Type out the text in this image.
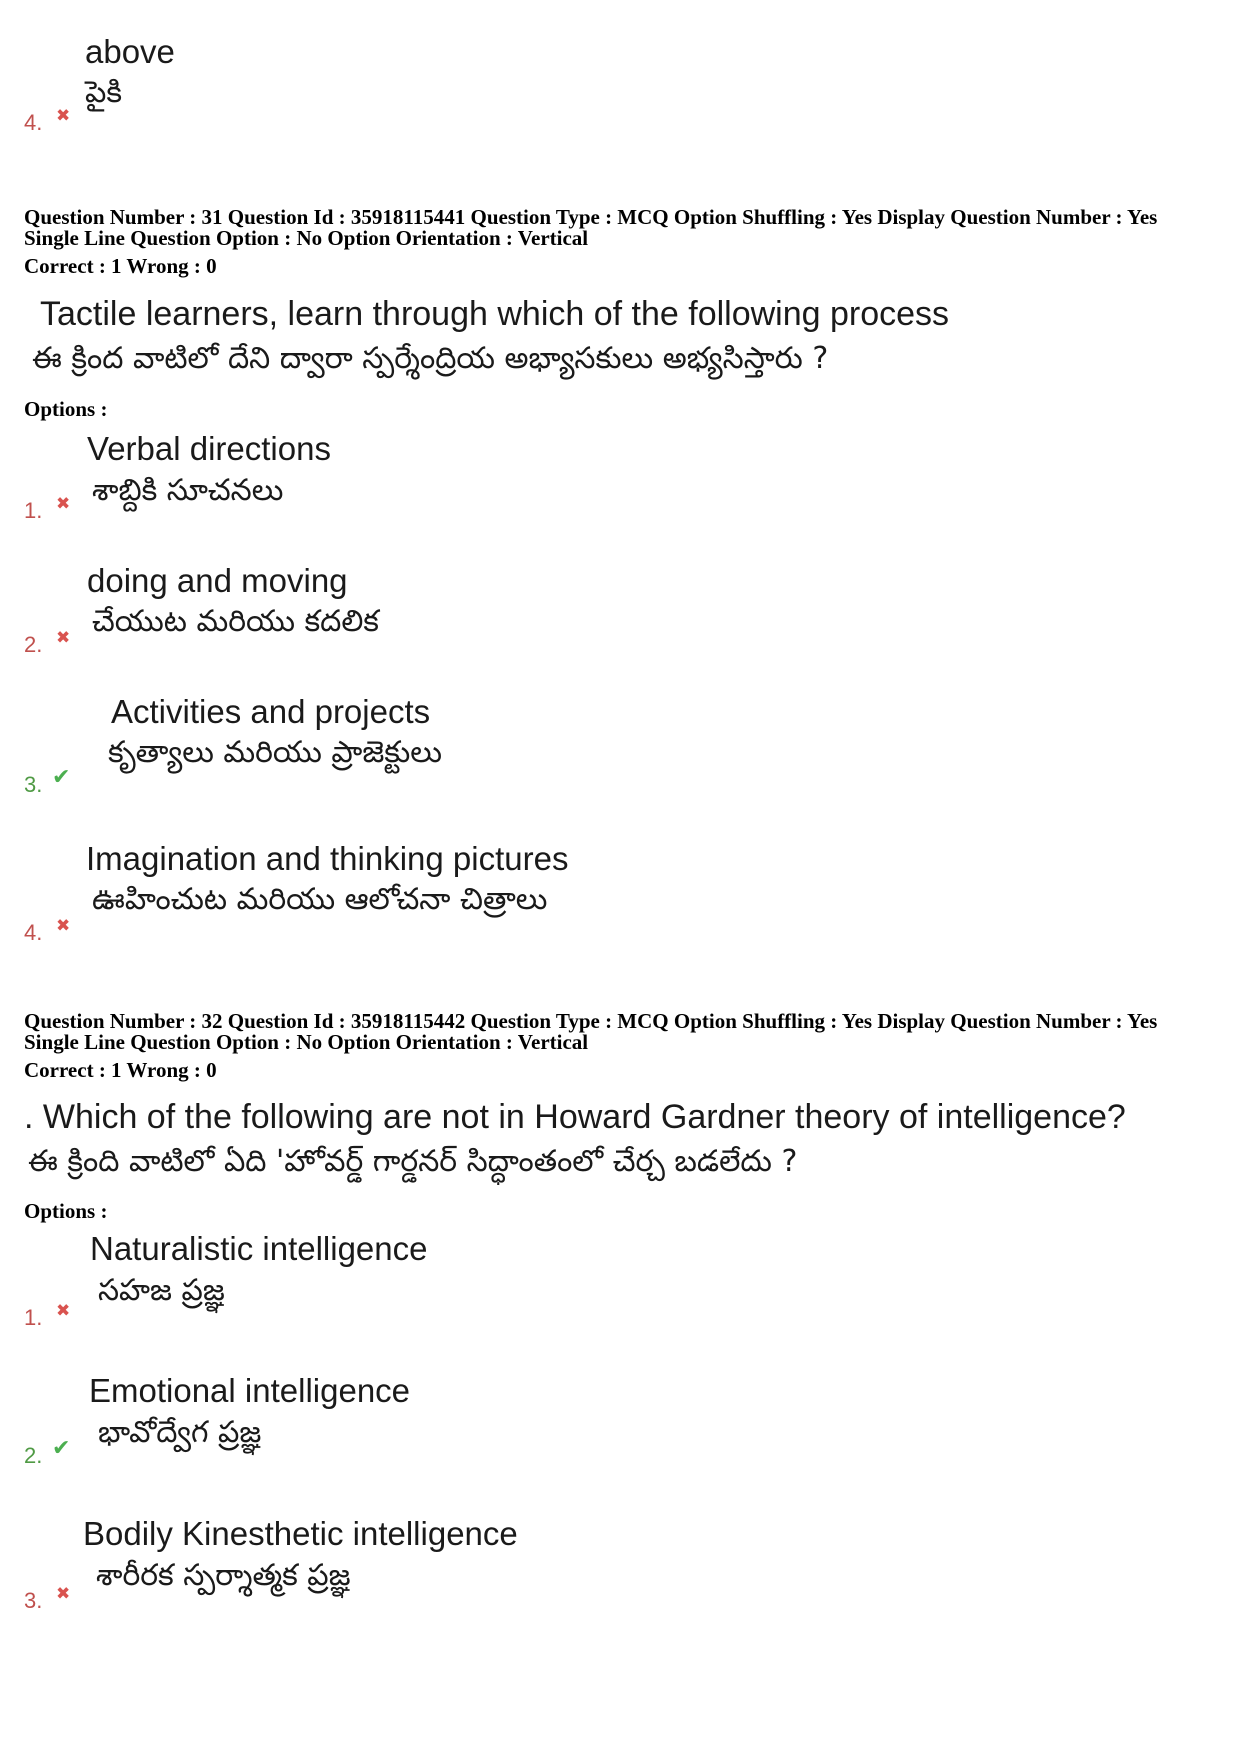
above
పైకి
4. ✖
Question Number : 31 Question Id : 35918115441 Question Type : MCQ Option Shuffling : Yes Display Question Number : Yes
Single Line Question Option : No Option Orientation : Vertical
Correct : 1 Wrong : 0
Tactile learners, learn through which of the following process
ఈ క్రింద వాటిలో దేని ద్వారా స్పర్శేంద్రియ అభ్యాసకులు అభ్యసిస్తారు ?
Options :
Verbal directions
శాబ్దికి సూచనలు
1. ✖
doing and moving
చేయుట మరియు కదలిక
2. ✖
Activities and projects
కృత్యాలు మరియు ప్రాజెక్టులు
3. ✔
Imagination and thinking pictures
ఊహించుట మరియు ఆలోచనా చిత్రాలు
4. ✖
Question Number : 32 Question Id : 35918115442 Question Type : MCQ Option Shuffling : Yes Display Question Number : Yes
Single Line Question Option : No Option Orientation : Vertical
Correct : 1 Wrong : 0
. Which of the following are not in Howard Gardner theory of intelligence?
ఈ క్రింది వాటిలో ఏది 'హోవర్డ్ గార్డనర్ సిద్ధాంతంలో చేర్చ బడలేదు ?
Options :
Naturalistic intelligence
సహజ ప్రజ్ఞ
1. ✖
Emotional intelligence
భావోద్వేగ ప్రజ్ఞ
2. ✔
Bodily Kinesthetic intelligence
శారీరక స్పర్శాత్మక ప్రజ్ఞ
3. ✖
